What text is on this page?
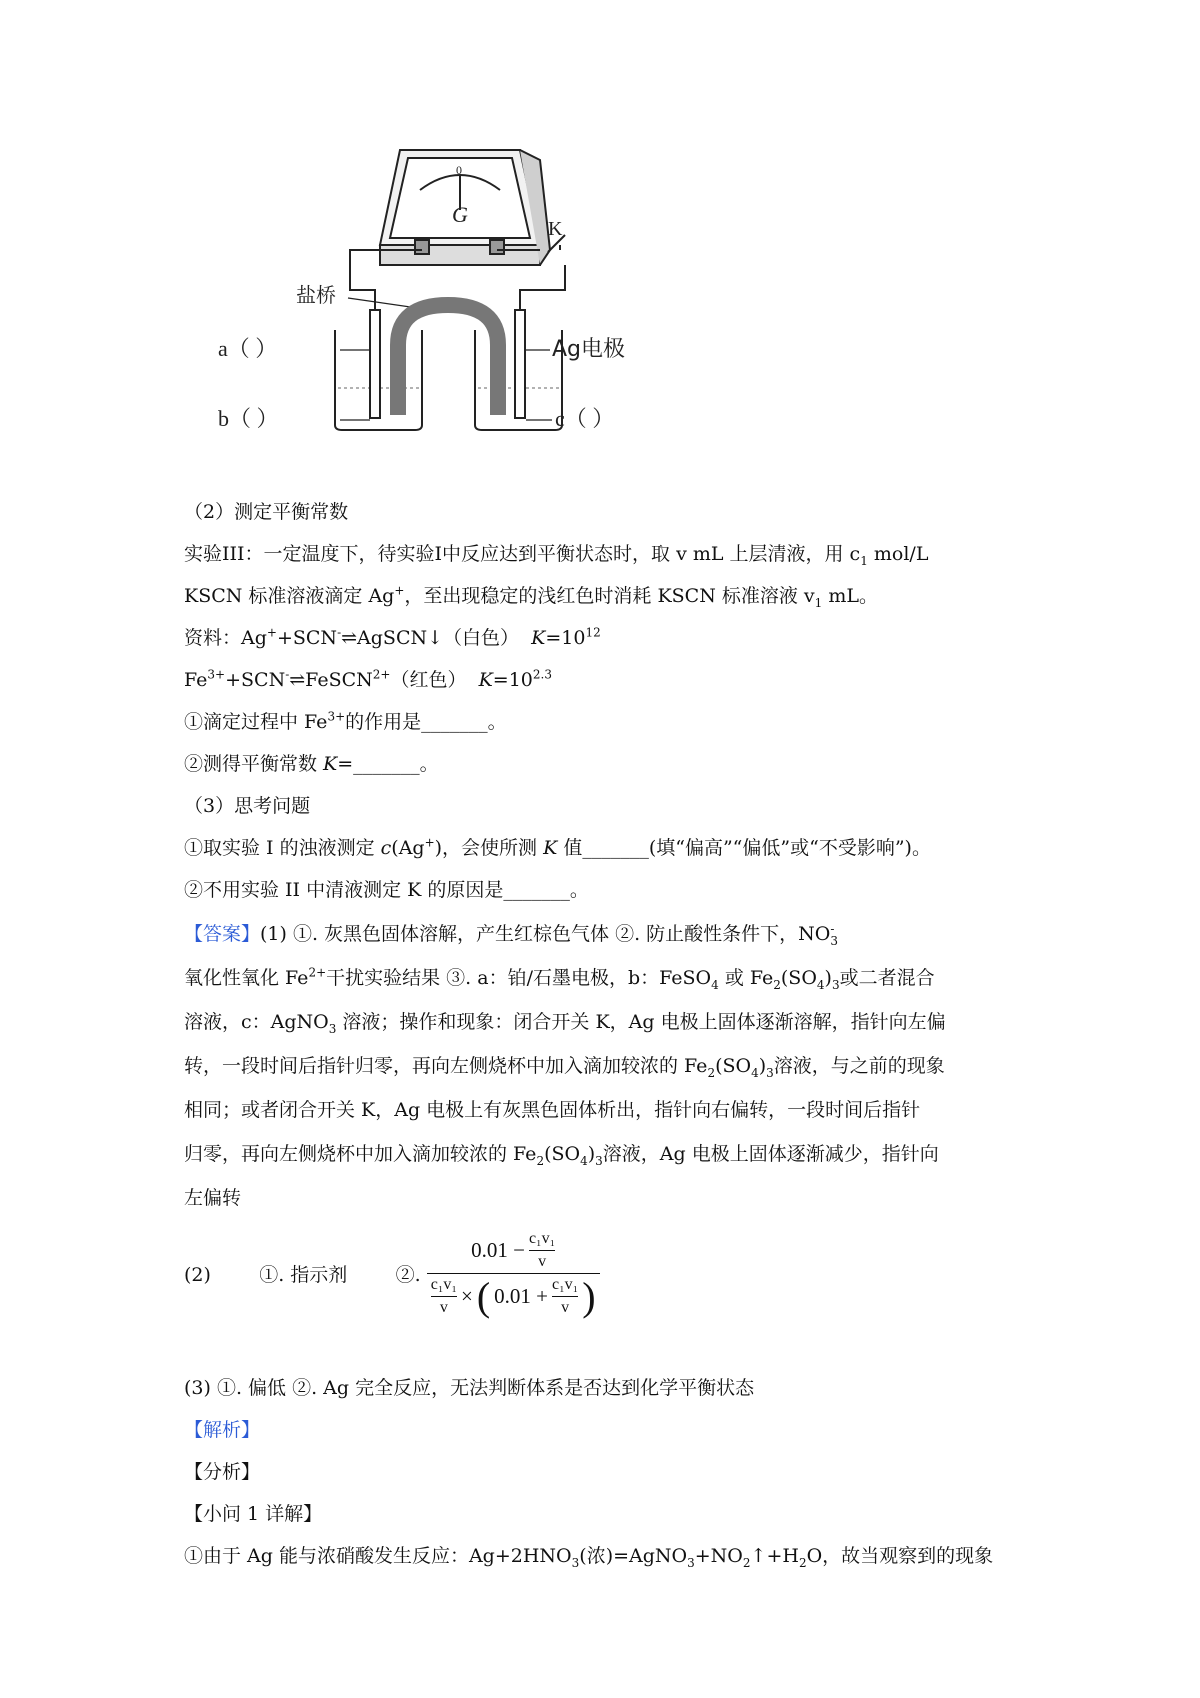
G
0
K
盐桥
a（ ）
b（ ）	c（ ）
Ag电极
（2）测定平衡常数
实验III：一定温度下，待实验I中反应达到平衡状态时，取 v mL 上层清液，用 $c_1$ mol/L
KSCN 标准溶液滴定 Ag+，至出现稳定的浅红色时消耗 KSCN 标准溶液 $v_1$ mL。
资料：Ag++SCN-⇌AgSCN↓（白色） $K=10^{12}$
$Fe^{3+}+SCN^-\rightleftharpoons FeSCN^{2+}$（红色） $K=10^{2.3}$
①滴定过程中 $Fe^{3+}$的作用是_______。
②测得平衡常数 K=_______。
（3）思考问题
①取实验 I 的浊液测定 c(Ag+)，会使所测 K 值_______(填“偏高”“偏低”或“不受影响”)。
②不用实验 II 中清液测定 K 的原因是_______。
【答案】(1) ①. 灰黑色固体溶解，产生红棕色气体 ②. 防止酸性条件下，NO -
3
氧化性氧化 $Fe^{2+}$干扰实验结果 ③. a：铂/石墨电极，b：FeSO$_4$ 或 $Fe_2(SO_4)_3$或二者混合
溶液，c：AgNO$_3$ 溶液；操作和现象：闭合开关 K，Ag 电极上固体逐渐溶解，指针向左偏
转，一段时间后指针归零，再向左侧烧杯中加入滴加较浓的 $Fe_2(SO_4)_3$溶液，与之前的现象
相同；或者闭合开关 K，Ag 电极上有灰黑色固体析出，指针向右偏转，一段时间后指针
归零，再向左侧烧杯中加入滴加较浓的 $Fe_2(SO_4)_3$溶液，Ag 电极上固体逐渐减少，指针向
左偏转
(2)        ①. 指示剂        ②. $\frac{0.01 - \frac{\text{c₁v₁}}{v}}{\frac{\text{c₁v₁}}{v} \times ( 0.01 + \frac{\text{c₁v₁}}{v} )}$
(3) ①. 偏低 ②. Ag 完全反应，无法判断体系是否达到化学平衡状态
【解析】
【分析】
【小问 1 详解】
①由于 Ag 能与浓硝酸发生反应：$Ag+2HNO_3$(浓)$=AgNO_3+NO_2↑+H_2O$，故当观察到的现象
